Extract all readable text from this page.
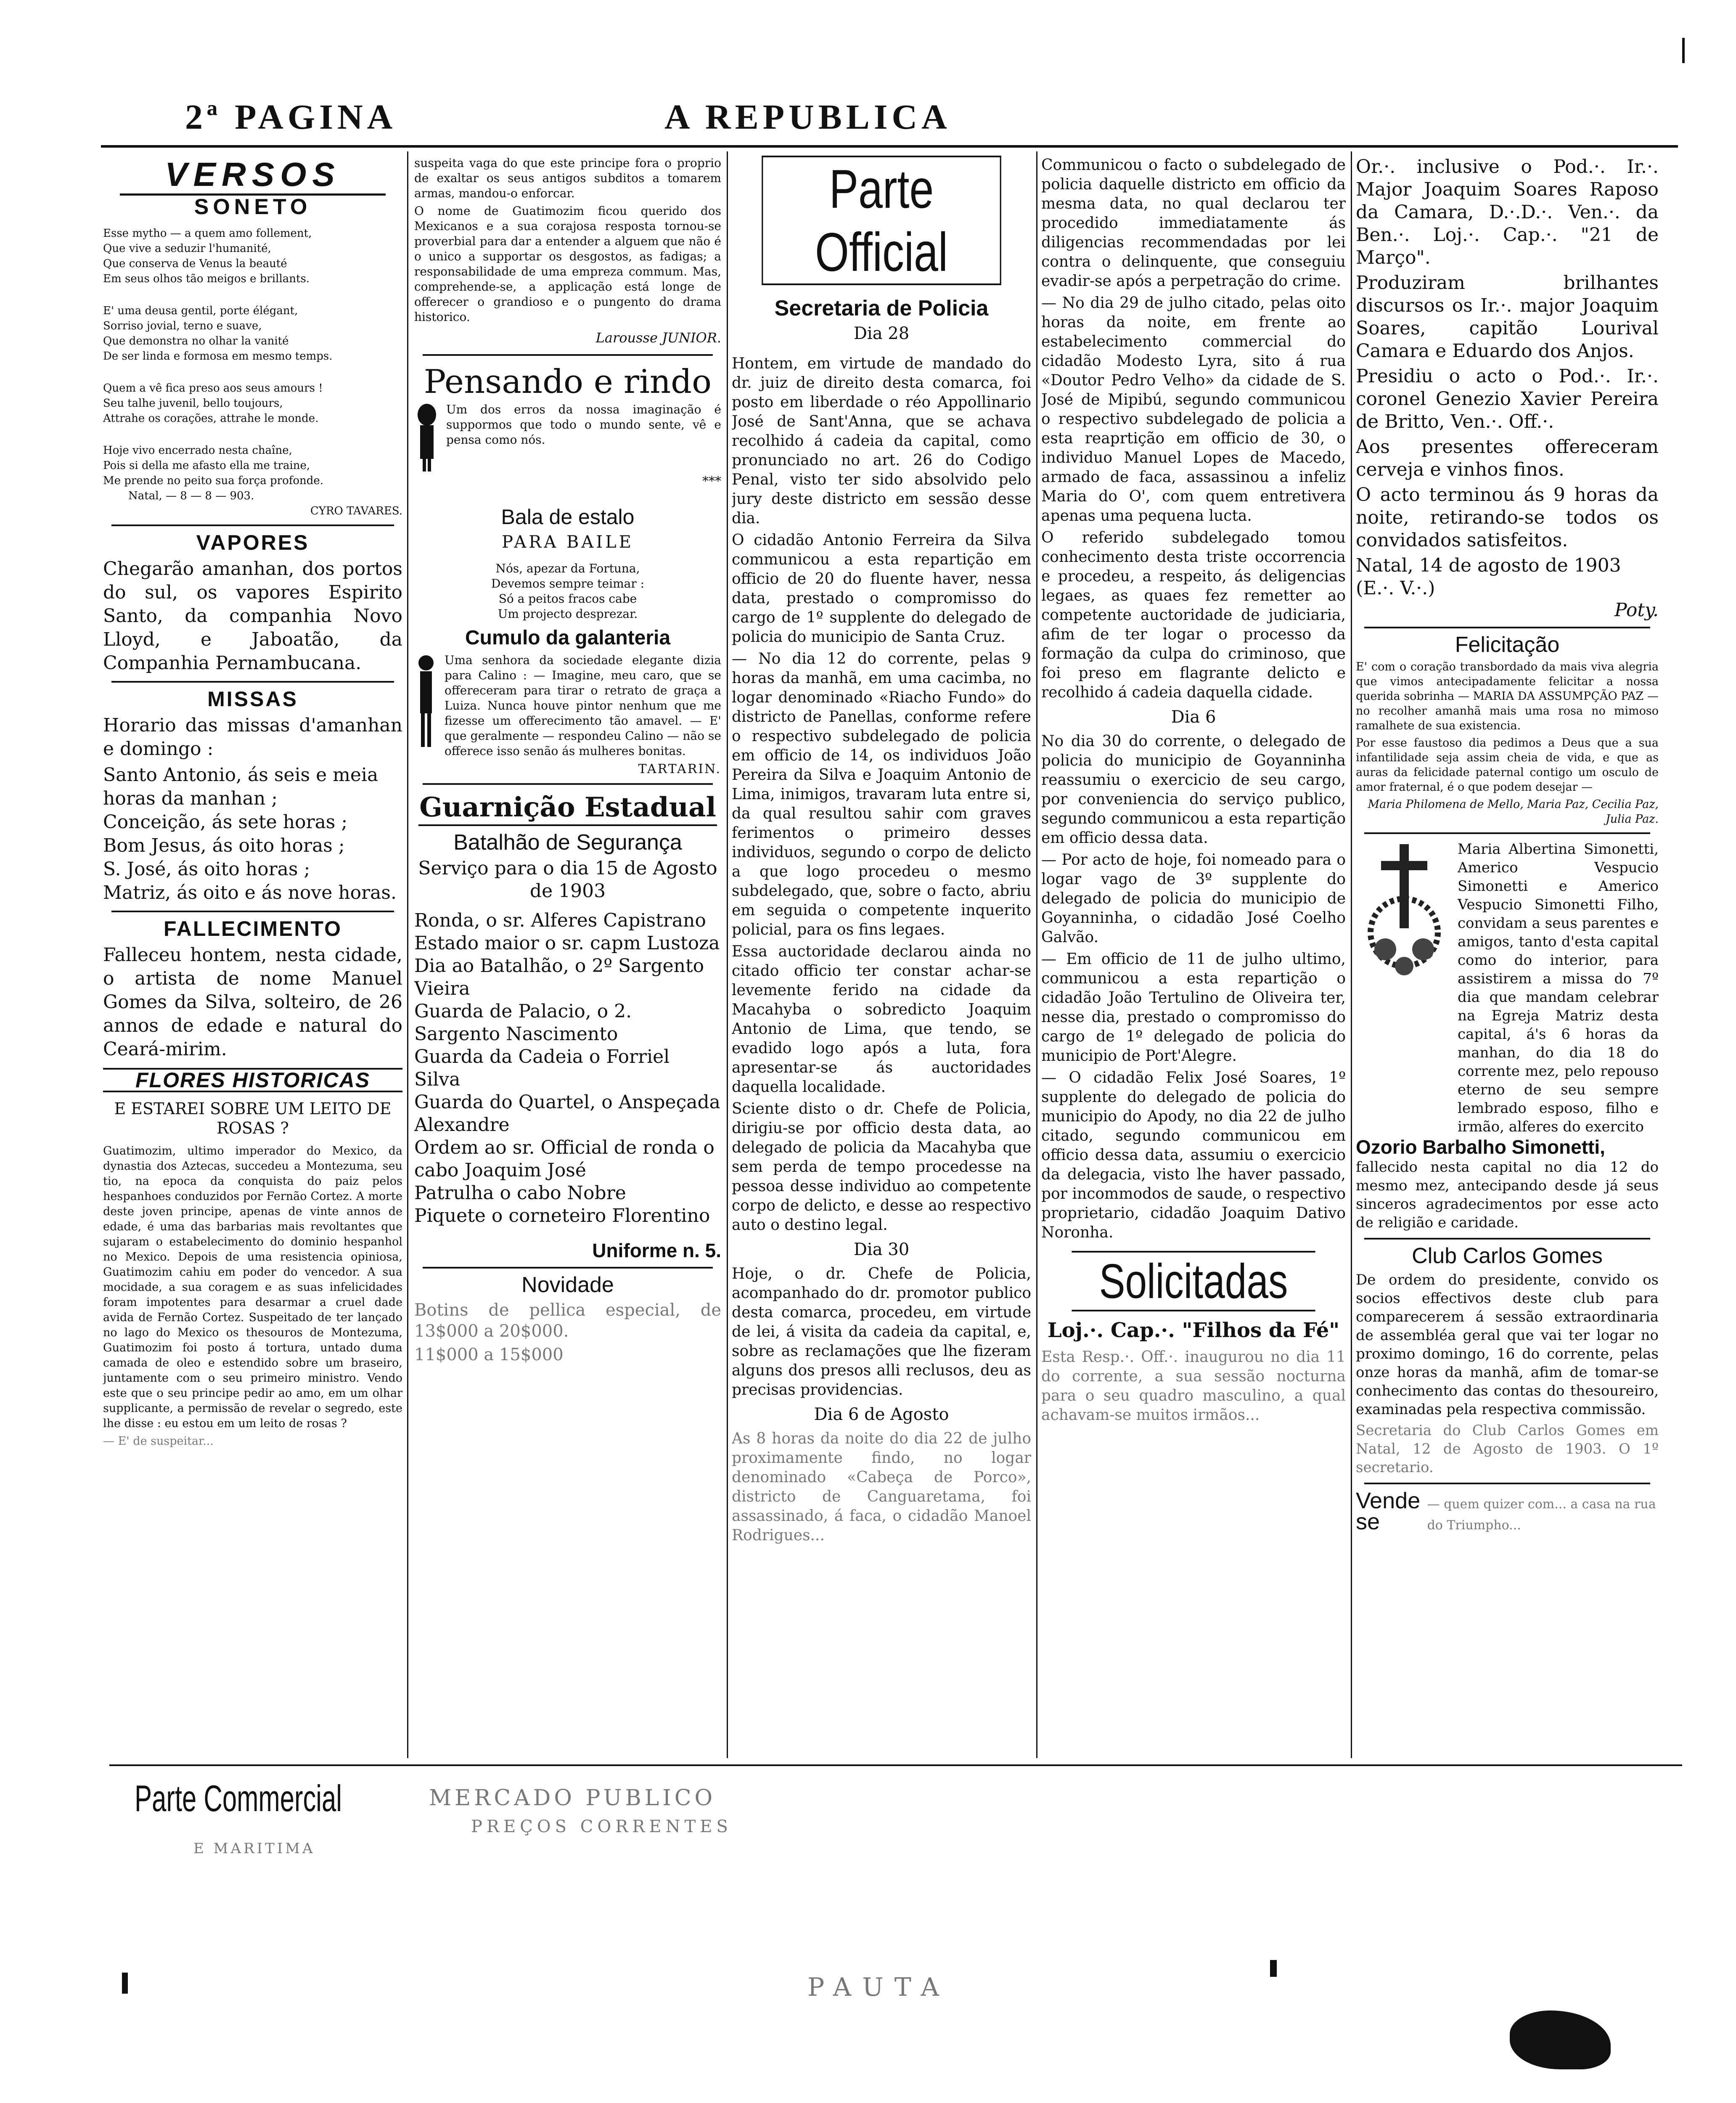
2ª PAGINA	A REPUBLICA
VERSOS
SONETO
Esse mytho — a quem amo follement,
Que vive a seduzir l'humanité,
Que conserva de Venus la beauté
Em seus olhos tão meigos e brillants.
E' uma deusa gentil, porte élégant,
Sorriso jovial, terno e suave,
Que demonstra no olhar la vanité
De ser linda e formosa em mesmo temps.
Quem a vê fica preso aos seus amours !
Seu talhe juvenil, bello toujours,
Attrahe os corações, attrahe le monde.
Hoje vivo encerrado nesta chaîne,
Pois si della me afasto ella me traine,
Me prende no peito sua força profonde.
Natal, — 8 — 8 — 903.
CYRO TAVARES.
VAPORES

Chegarão amanhan, dos portos do sul, os vapores Espirito Santo, da companhia Novo Lloyd, e Jaboatão, da Companhia Pernambucana.

MISSAS

Horario das missas d'amanhan e domingo :

Santo Antonio, ás seis e meia horas da manhan ;
Conceição, ás sete horas ;
Bom Jesus, ás oito horas ;
S. José, ás oito horas ;
Matriz, ás oito e ás nove horas.
FALLECIMENTO

Falleceu hontem, nesta cidade, o artista de nome Manuel Gomes da Silva, solteiro, de 26 annos de edade e natural do Ceará-mirim.

FLORES HISTORICAS
E ESTAREI SOBRE UM LEITO DE ROSAS ?

Guatimozim, ultimo imperador do Mexico, da dynastia dos Aztecas, succedeu a Montezuma, seu tio, na epoca da conquista do paiz pelos hespanhoes conduzidos por Fernão Cortez. A morte deste joven principe, apenas de vinte annos de edade, é uma das barbarias mais revoltantes que sujaram o estabelecimento do dominio hespanhol no Mexico. Depois de uma resistencia opiniosa, Guatimozim cahiu em poder do vencedor. A sua mocidade, a sua coragem e as suas infelicidades foram impotentes para desarmar a cruel dade avida de Fernão Cortez. Suspeitado de ter lançado no lago do Mexico os thesouros de Montezuma, Guatimozim foi posto á tortura, untado duma camada de oleo e estendido sobre um braseiro, juntamente com o seu primeiro ministro. Vendo este que o seu principe pedir ao amo, em um olhar supplicante, a permissão de revelar o segredo, este lhe disse : eu estou em um leito de rosas ?

— E' de suspeitar...

suspeita vaga do que este principe fora o proprio de exaltar os seus antigos subditos a tomarem armas, mandou-o enforcar.

O nome de Guatimozim ficou querido dos Mexicanos e a sua corajosa resposta tornou-se proverbial para dar a entender a alguem que não é o unico a supportar os desgostos, as fadigas; a responsabilidade de uma empreza commum. Mas, comprehende-se, a applicação está longe de offerecer o grandioso e o pungento do drama historico.

Larousse JUNIOR.
Pensando e rindo

Um dos erros da nossa imaginação é suppormos que todo o mundo sente, vê e pensa como nós.

***
Bala de estalo
PARA BAILE
Nós, apezar da Fortuna,
Devemos sempre teimar :
Só a peitos fracos cabe
Um projecto desprezar.
Cumulo da galanteria

Uma senhora da sociedade elegante dizia para Calino : — Imagine, meu caro, que se offereceram para tirar o retrato de graça a Luiza. Nunca houve pintor nenhum que me fizesse um offerecimento tão amavel. — E' que geralmente — respondeu Calino — não se offerece isso senão ás mulheres bonitas.

TARTARIN.
Guarnição Estadual
Batalhão de Segurança
Serviço para o dia 15 de Agosto de 1903
Ronda, o sr. Alferes Capistrano
Estado maior o sr. capm Lustoza
Dia ao Batalhão, o 2º Sargento Vieira
Guarda de Palacio, o 2. Sargento Nascimento
Guarda da Cadeia o Forriel Silva
Guarda do Quartel, o Anspeçada Alexandre
Ordem ao sr. Official de ronda o cabo Joaquim José
Patrulha o cabo Nobre
Piquete o corneteiro Florentino
Uniforme n. 5.
Novidade

Botins de pellica especial, de 13$000 a 20$000.

11$000 a 15$000

Parte Official
Secretaria de Policia
Dia 28

Hontem, em virtude de mandado do dr. juiz de direito desta comarca, foi posto em liberdade o réo Appollinario José de Sant'Anna, que se achava recolhido á cadeia da capital, como pronunciado no art. 26 do Codigo Penal, visto ter sido absolvido pelo jury deste districto em sessão desse dia.

O cidadão Antonio Ferreira da Silva communicou a esta repartição em officio de 20 do fluente haver, nessa data, prestado o compromisso do cargo de 1º supplente do delegado de policia do municipio de Santa Cruz.

— No dia 12 do corrente, pelas 9 horas da manhã, em uma cacimba, no logar denominado «Riacho Fundo» do districto de Panellas, conforme refere o respectivo subdelegado de policia em officio de 14, os individuos João Pereira da Silva e Joaquim Antonio de Lima, inimigos, travaram luta entre si, da qual resultou sahir com graves ferimentos o primeiro desses individuos, segundo o corpo de delicto a que logo procedeu o mesmo subdelegado, que, sobre o facto, abriu em seguida o competente inquerito policial, para os fins legaes.

Essa auctoridade declarou ainda no citado officio ter constar achar-se levemente ferido na cidade da Macahyba o sobredicto Joaquim Antonio de Lima, que tendo, se evadido logo após a luta, fora apresentar-se ás auctoridades daquella localidade.

Sciente disto o dr. Chefe de Policia, dirigiu-se por officio desta data, ao delegado de policia da Macahyba que sem perda de tempo procedesse na pessoa desse individuo ao competente corpo de delicto, e desse ao respectivo auto o destino legal.

Dia 30

Hoje, o dr. Chefe de Policia, acompanhado do dr. promotor publico desta comarca, procedeu, em virtude de lei, á visita da cadeia da capital, e, sobre as reclamações que lhe fizeram alguns dos presos alli reclusos, deu as precisas providencias.

Dia 6 de Agosto

As 8 horas da noite do dia 22 de julho proximamente findo, no logar denominado «Cabeça de Porco», districto de Canguaretama, foi assassinado, á faca, o cidadão Manoel Rodrigues...

Communicou o facto o subdelegado de policia daquelle districto em officio da mesma data, no qual declarou ter procedido immediatamente ás diligencias recommendadas por lei contra o delinquente, que conseguiu evadir-se após a perpetração do crime.

— No dia 29 de julho citado, pelas oito horas da noite, em frente ao estabelecimento commercial do cidadão Modesto Lyra, sito á rua «Doutor Pedro Velho» da cidade de S. José de Mipibú, segundo communicou o respectivo subdelegado de policia a esta reaprtição em officio de 30, o individuo Manuel Lopes de Macedo, armado de faca, assassinou a infeliz Maria do O', com quem entretivera apenas uma pequena lucta.

O referido subdelegado tomou conhecimento desta triste occorrencia e procedeu, a respeito, ás deligencias legaes, as quaes fez remetter ao competente auctoridade de judiciaria, afim de ter logar o processo da formação da culpa do criminoso, que foi preso em flagrante delicto e recolhido á cadeia daquella cidade.

Dia 6

No dia 30 do corrente, o delegado de policia do municipio de Goyanninha reassumiu o exercicio de seu cargo, por conveniencia do serviço publico, segundo communicou a esta repartição em officio dessa data.

— Por acto de hoje, foi nomeado para o logar vago de 3º supplente do delegado de policia do municipio de Goyanninha, o cidadão José Coelho Galvão.

— Em officio de 11 de julho ultimo, communicou a esta repartição o cidadão João Tertulino de Oliveira ter, nesse dia, prestado o compromisso do cargo de 1º delegado de policia do municipio de Port'Alegre.

— O cidadão Felix José Soares, 1º supplente do delegado de policia do municipio do Apody, no dia 22 de julho citado, segundo communicou em officio dessa data, assumiu o exercicio da delegacia, visto lhe haver passado, por incommodos de saude, o respectivo proprietario, cidadão Joaquim Dativo Noronha.

Solicitadas
Loj.·. Cap.·. "Filhos da Fé"

Esta Resp.·. Off.·. inaugurou no dia 11 do corrente, a sua sessão nocturna para o seu quadro masculino, a qual achavam-se muitos irmãos...

Or.·. inclusive o Pod.·. Ir.·. Major Joaquim Soares Raposo da Camara, D.·.D.·. Ven.·. da Ben.·. Loj.·. Cap.·. "21 de Março".

Produziram brilhantes discursos os Ir.·. major Joaquim Soares, capitão Lourival Camara e Eduardo dos Anjos.

Presidiu o acto o Pod.·. Ir.·. coronel Genezio Xavier Pereira de Britto, Ven.·. Off.·.

Aos presentes offereceram cerveja e vinhos finos.

O acto terminou ás 9 horas da noite, retirando-se todos os convidados satisfeitos.

Natal, 14 de agosto de 1903 (E.·. V.·.)
Poty.
Felicitação

E' com o coração transbordado da mais viva alegria que vimos antecipadamente felicitar a nossa querida sobrinha — MARIA DA ASSUMPÇÃO PAZ — no recolher amanhã mais uma rosa no mimoso ramalhete de sua existencia.

Por esse faustoso dia pedimos a Deus que a sua infantilidade seja assim cheia de vida, e que as auras da felicidade paternal contigo um osculo de amor fraternal, é o que podem desejar —

Maria Philomena de Mello, Maria Paz, Cecilia Paz, Julia Paz.

Maria Albertina Simonetti, Americo Vespucio Simonetti e Americo Vespucio Simonetti Filho, convidam a seus parentes e amigos, tanto d'esta capital como do interior, para assistirem a missa do 7º dia que mandam celebrar na Egreja Matriz desta capital, á's 6 horas da manhan, do dia 18 do corrente mez, pelo repouso eterno de seu sempre lembrado esposo, filho e irmão, alferes do exercito

Ozorio Barbalho Simonetti,

fallecido nesta capital no dia 12 do mesmo mez, antecipando desde já seus sinceros agradecimentos por esse acto de religião e caridade.

Club Carlos Gomes

De ordem do presidente, convido os socios effectivos deste club para comparecerem á sessão extraordinaria de assembléa geral que vai ter logar no proximo domingo, 16 do corrente, pelas onze horas da manhã, afim de tomar-se conhecimento das contas do thesoureiro, examinadas pela respectiva commissão.

Secretaria do Club Carlos Gomes em Natal, 12 de Agosto de 1903. O 1º secretario.

Vende se
— quem quizer com... a casa na rua do Triumpho...
Parte Commercial	MERCADO PUBLICO
PREÇOS CORRENTES
E MARITIMA
PAUTA
